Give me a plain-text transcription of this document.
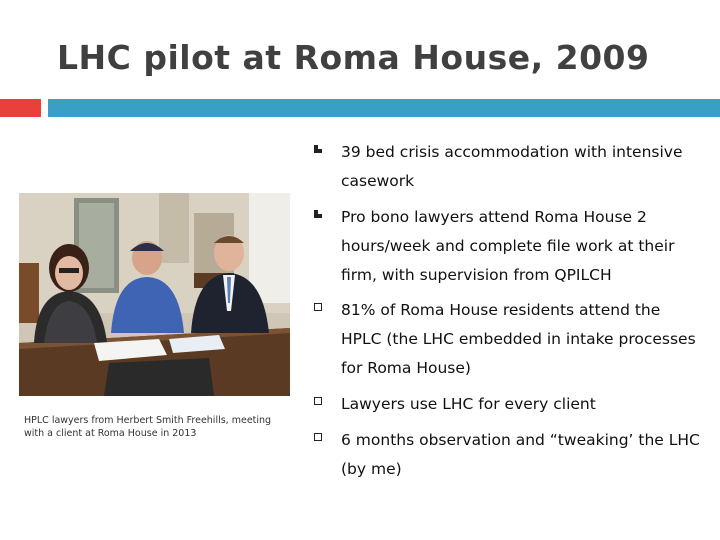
LHC pilot at Roma House, 2009
HPLC lawyers from Herbert Smith Freehills, meeting with a client at Roma House in 2013
39 bed crisis accommodation with intensive casework
Pro bono lawyers attend Roma House 2 hours/week and complete file work at their firm, with supervision from QPILCH
81% of Roma House residents attend the HPLC (the LHC embedded in intake processes for Roma House)
Lawyers use LHC for every client
6 months observation and “tweaking’ the LHC (by me)
